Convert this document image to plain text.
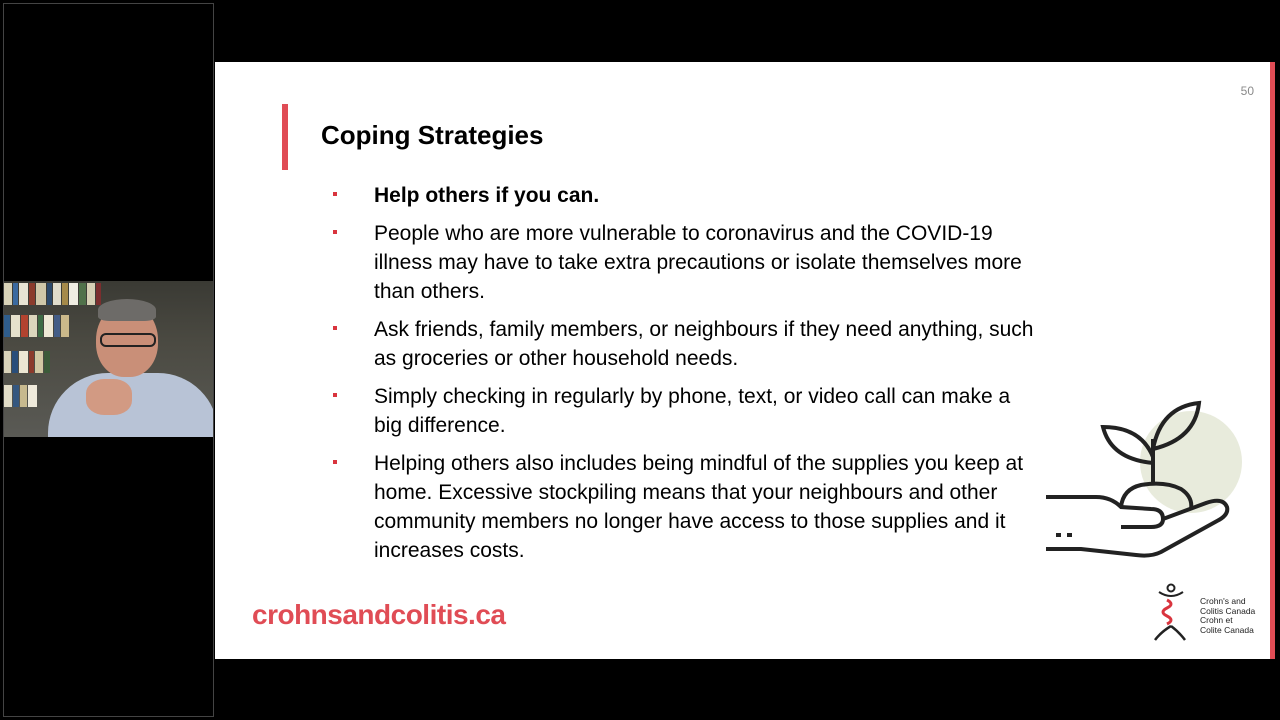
50
Coping Strategies
Help others if you can.
People who are more vulnerable to coronavirus and the COVID-19 illness may have to take extra precautions or isolate themselves more than others.
Ask friends, family members, or neighbours if they need anything, such as groceries or other household needs.
Simply checking in regularly by phone, text, or video call can make a big difference.
Helping others also includes being mindful of the supplies you keep at home. Excessive stockpiling means that your neighbours and other community members no longer have access to those supplies and it increases costs.
crohnsandcolitis.ca	Crohn's and
Colitis Canada
Crohn et
Colite Canada
